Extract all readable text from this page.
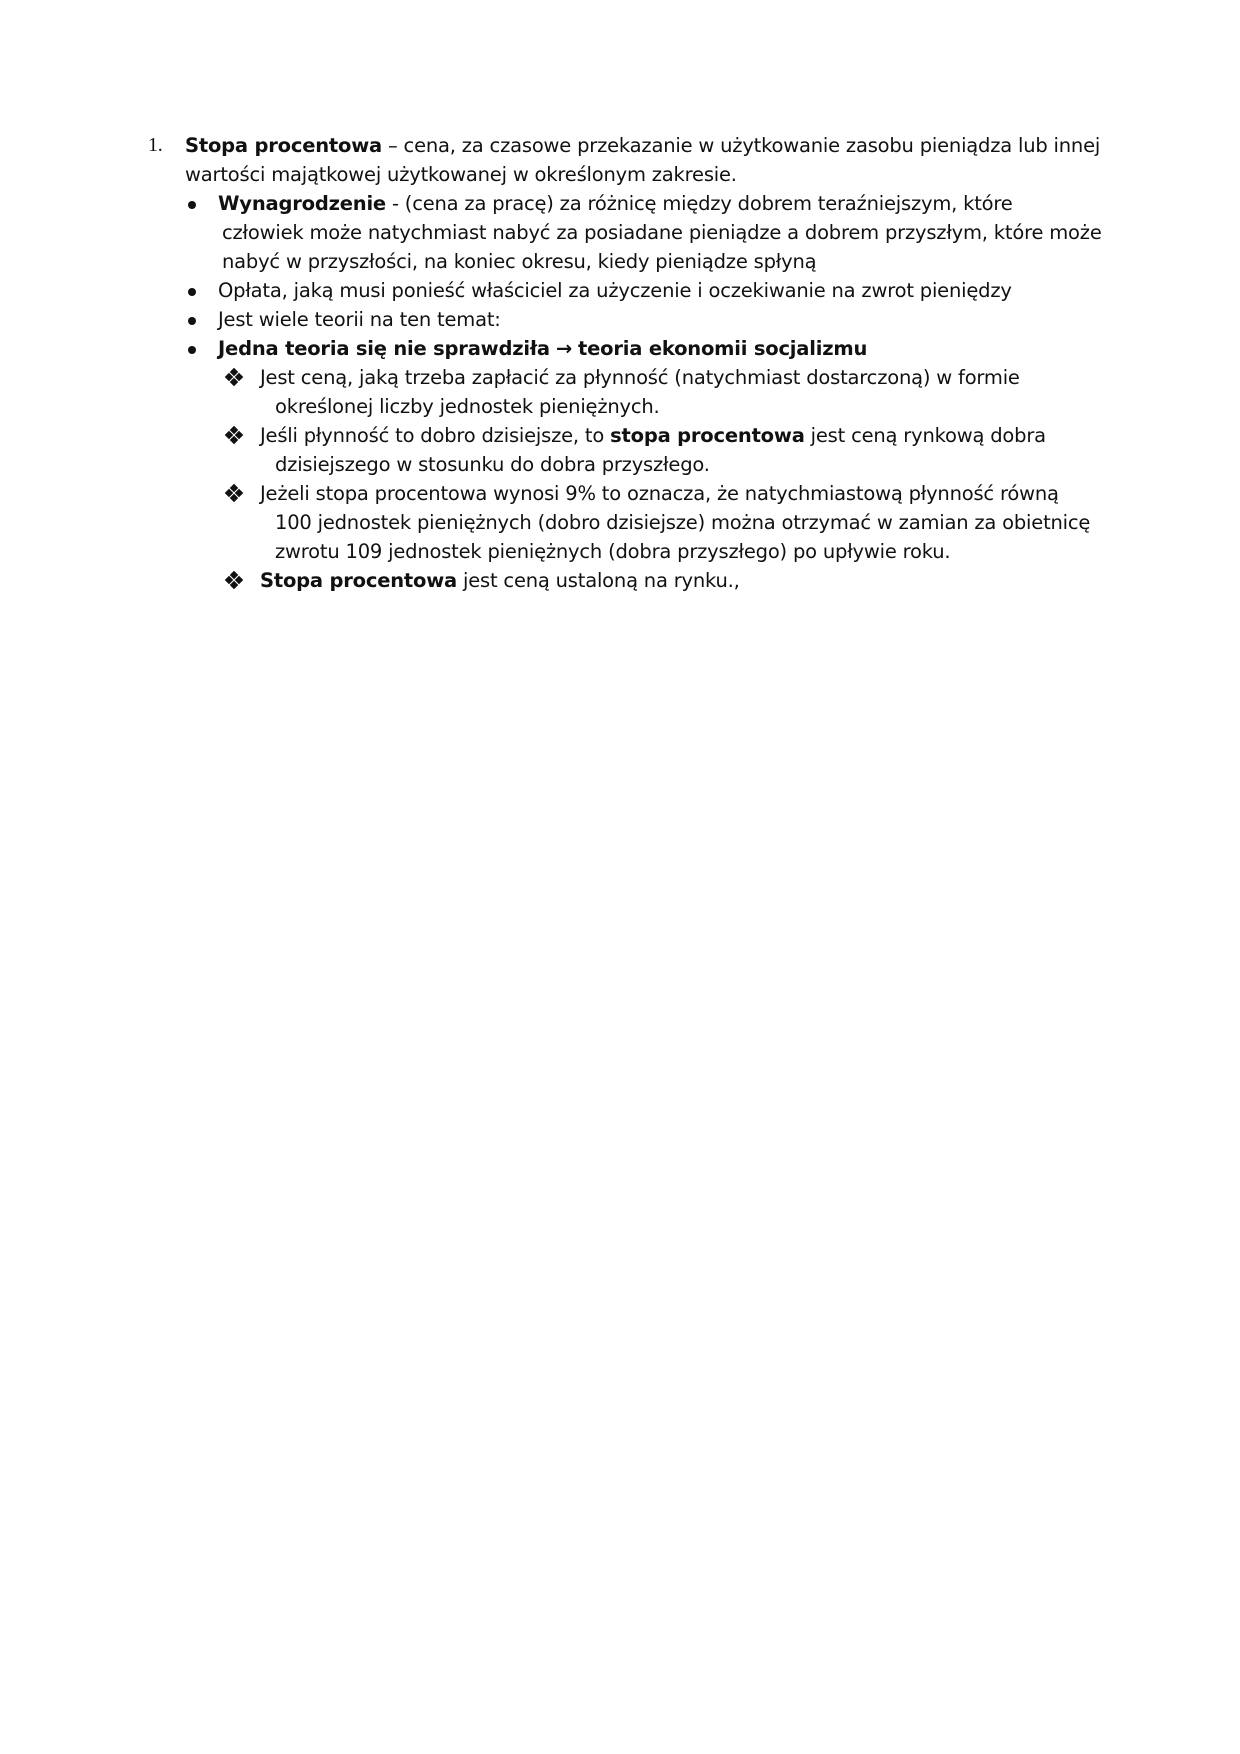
1. Stopa procentowa – cena, za czasowe przekazanie w użytkowanie zasobu pieniądza lub innej
wartości majątkowej użytkowanej w określonym zakresie.
Wynagrodzenie - (cena za pracę) za różnicę między dobrem teraźniejszym, które
człowiek może natychmiast nabyć za posiadane pieniądze a dobrem przyszłym, które może
nabyć w przyszłości, na koniec okresu, kiedy pieniądze spłyną
Opłata, jaką musi ponieść właściciel za użyczenie i oczekiwanie na zwrot pieniędzy
Jest wiele teorii na ten temat:
Jedna teoria się nie sprawdziła → teoria ekonomii socjalizmu
Jest ceną, jaką trzeba zapłacić za płynność (natychmiast dostarczoną) w formie
określonej liczby jednostek pieniężnych.
Jeśli płynność to dobro dzisiejsze, to stopa procentowa jest ceną rynkową dobra
dzisiejszego w stosunku do dobra przyszłego.
Jeżeli stopa procentowa wynosi 9% to oznacza, że natychmiastową płynność równą
100 jednostek pieniężnych (dobro dzisiejsze) można otrzymać w zamian za obietnicę
zwrotu 109 jednostek pieniężnych (dobra przyszłego) po upływie roku.
Stopa procentowa jest ceną ustaloną na rynku.,
